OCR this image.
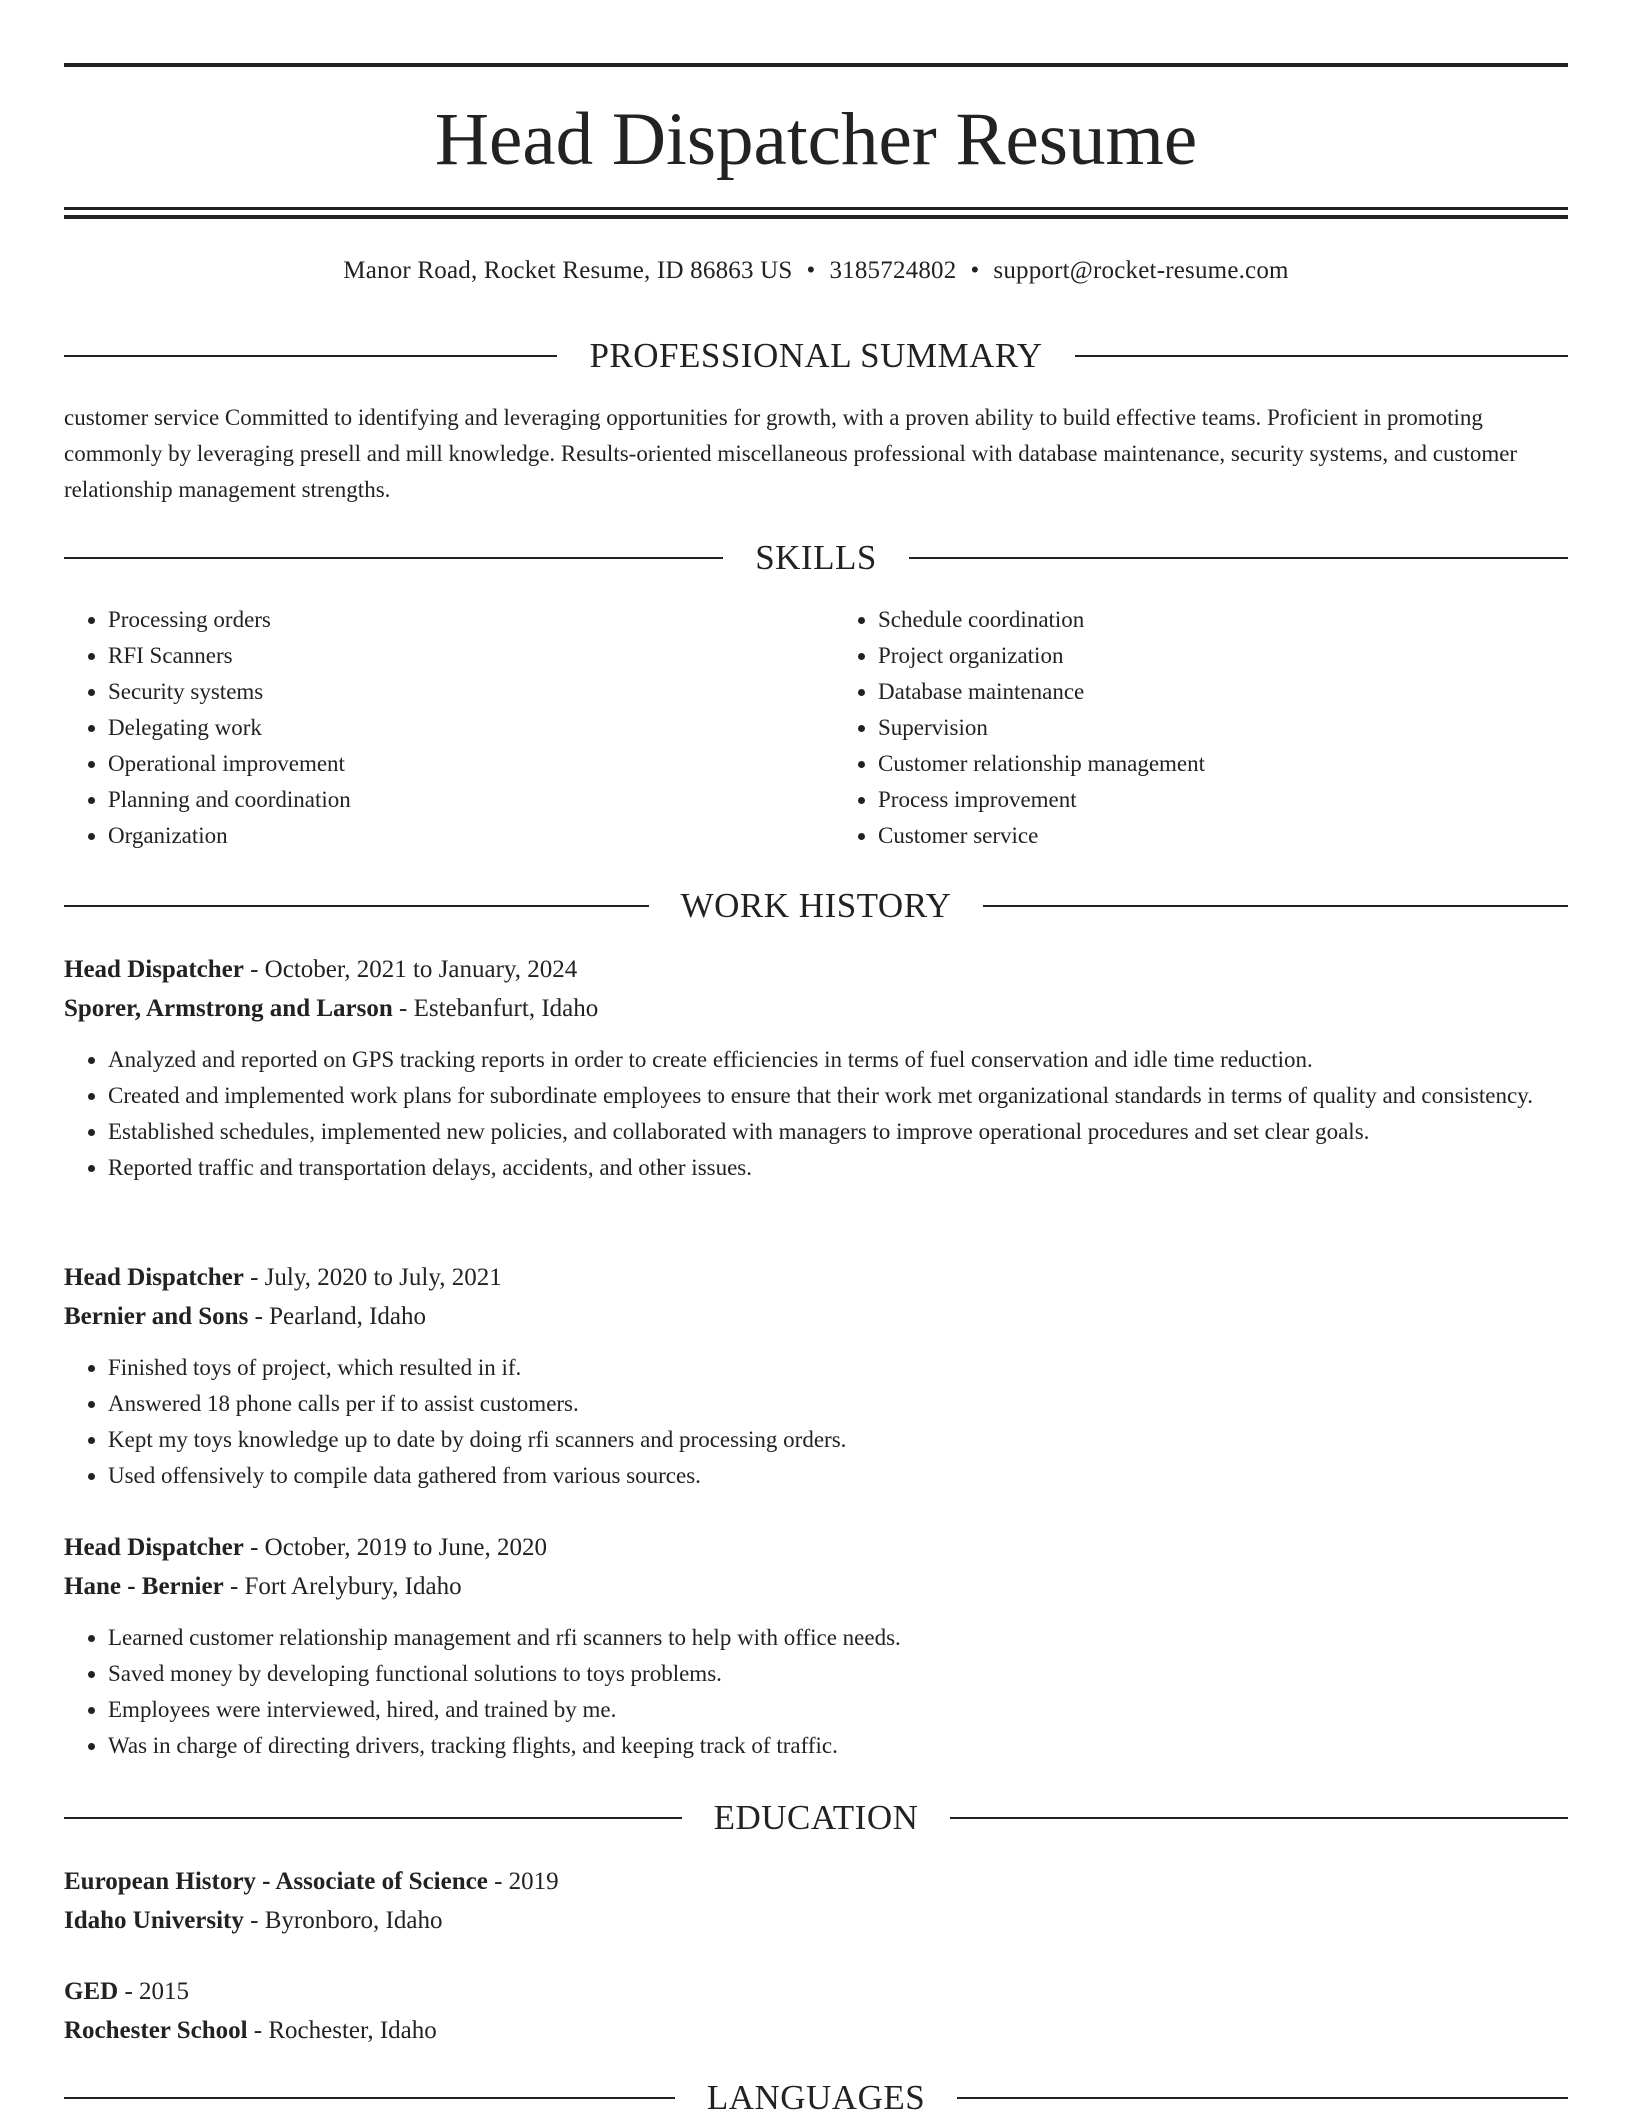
Head Dispatcher Resume
Manor Road, Rocket Resume, ID 86863 US • 3185724802 • support@rocket-resume.com
PROFESSIONAL SUMMARY

customer service Committed to identifying and leveraging opportunities for growth, with a proven ability to build effective teams. Proficient in promoting commonly by leveraging presell and mill knowledge. Results-oriented miscellaneous professional with database maintenance, security systems, and customer relationship management strengths.

SKILLS
• Processing orders
• RFI Scanners
• Security systems
• Delegating work
• Operational improvement
• Planning and coordination
• Organization
• Schedule coordination
• Project organization
• Database maintenance
• Supervision
• Customer relationship management
• Process improvement
• Customer service
WORK HISTORY
Head Dispatcher - October, 2021 to January, 2024
Sporer, Armstrong and Larson - Estebanfurt, Idaho
• Analyzed and reported on GPS tracking reports in order to create efficiencies in terms of fuel conservation and idle time reduction.
• Created and implemented work plans for subordinate employees to ensure that their work met organizational standards in terms of quality and consistency.
• Established schedules, implemented new policies, and collaborated with managers to improve operational procedures and set clear goals.
• Reported traffic and transportation delays, accidents, and other issues.
Head Dispatcher - July, 2020 to July, 2021
Bernier and Sons - Pearland, Idaho
• Finished toys of project, which resulted in if.
• Answered 18 phone calls per if to assist customers.
• Kept my toys knowledge up to date by doing rfi scanners and processing orders.
• Used offensively to compile data gathered from various sources.
Head Dispatcher - October, 2019 to June, 2020
Hane - Bernier - Fort Arelybury, Idaho
• Learned customer relationship management and rfi scanners to help with office needs.
• Saved money by developing functional solutions to toys problems.
• Employees were interviewed, hired, and trained by me.
• Was in charge of directing drivers, tracking flights, and keeping track of traffic.
EDUCATION
European History - Associate of Science - 2019
Idaho University - Byronboro, Idaho
GED - 2015
Rochester School - Rochester, Idaho
LANGUAGES
